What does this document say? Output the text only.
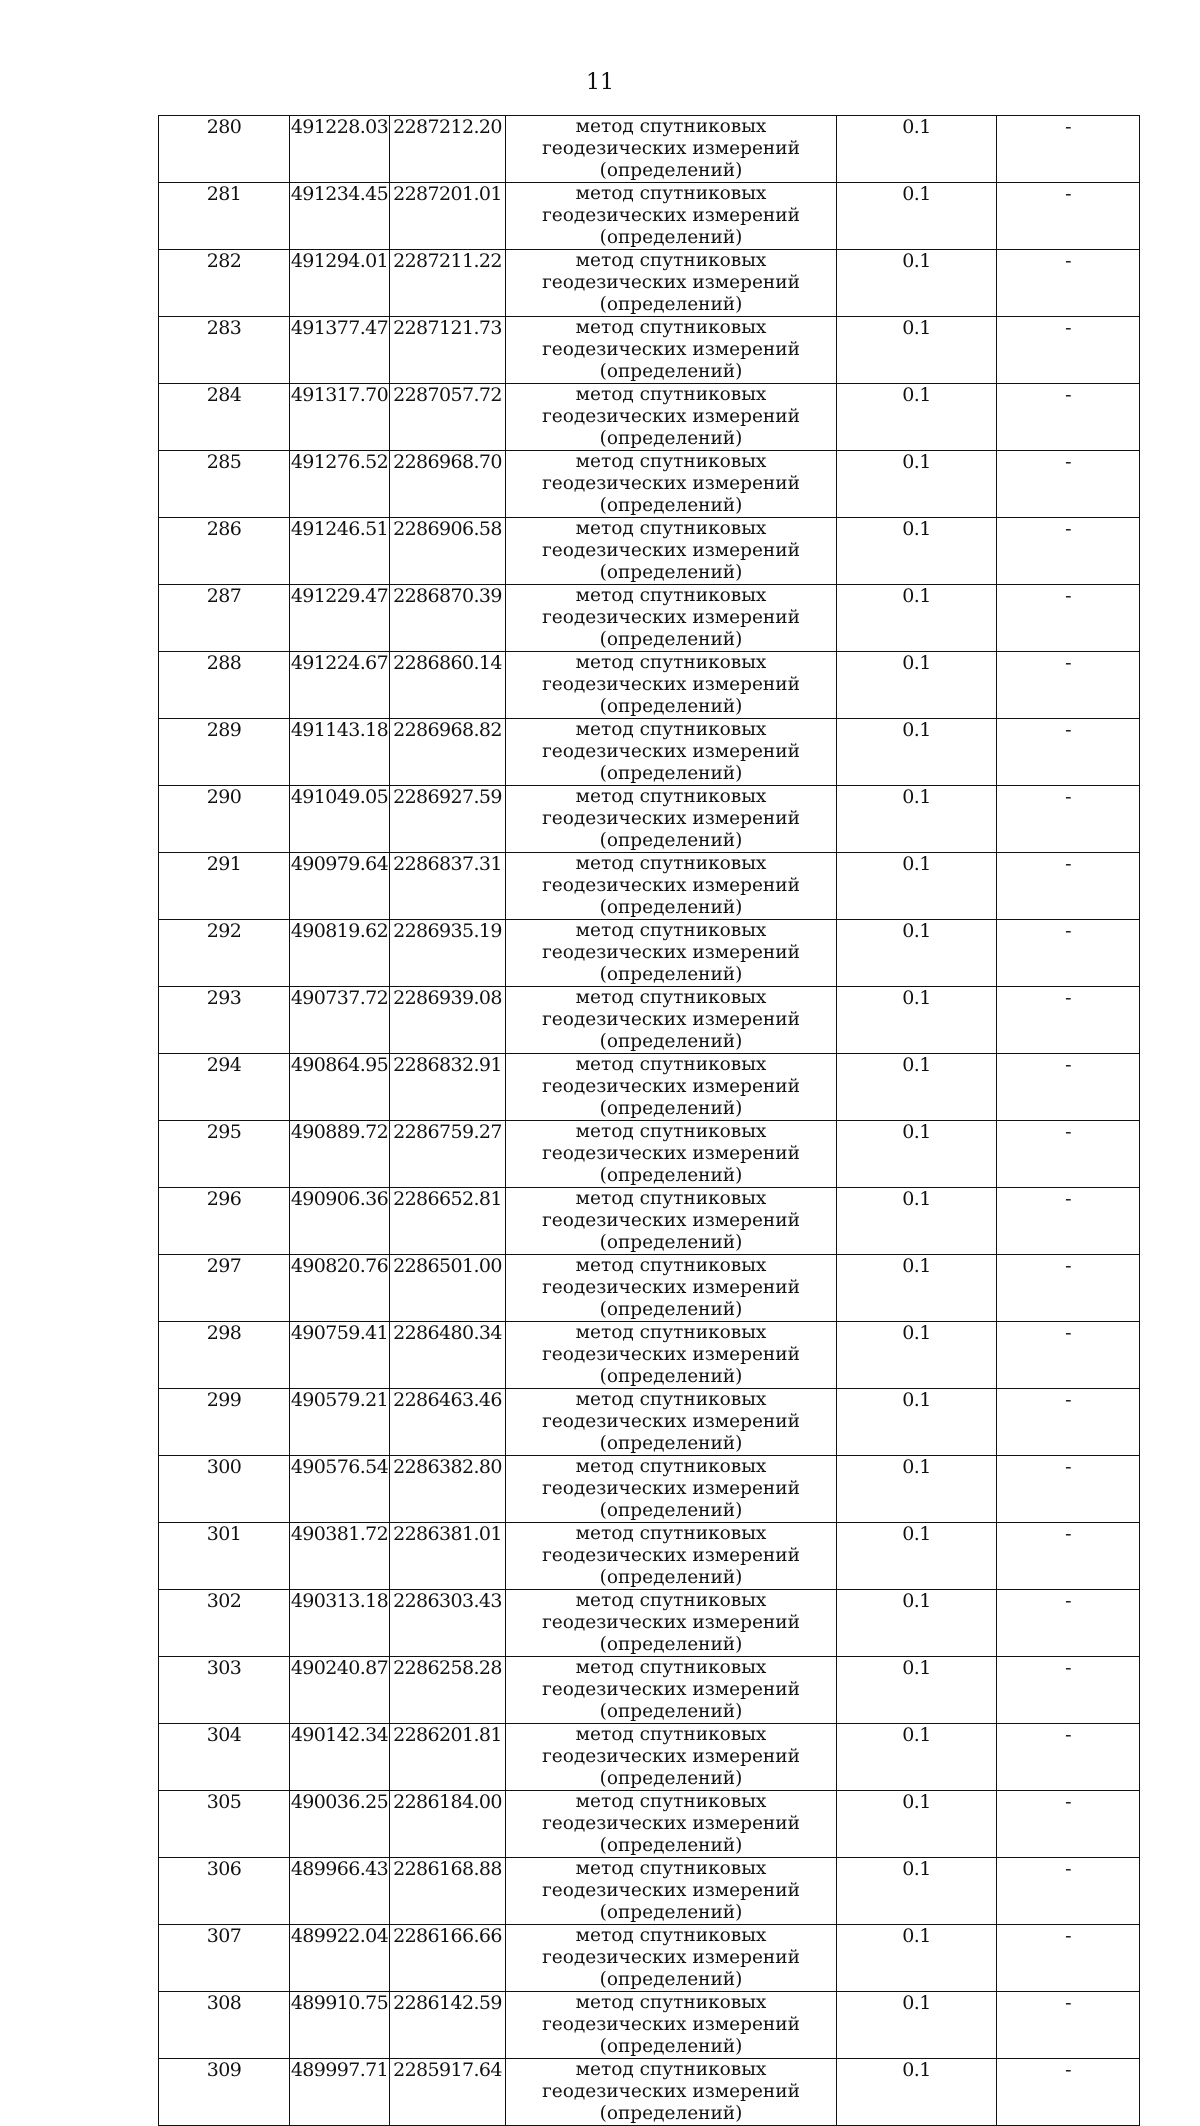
11
280	491228.03	2287212.20	метод спутниковых геодезических измерений (определений)	0.1	-
281	491234.45	2287201.01	метод спутниковых геодезических измерений (определений)	0.1	-
282	491294.01	2287211.22	метод спутниковых геодезических измерений (определений)	0.1	-
283	491377.47	2287121.73	метод спутниковых геодезических измерений (определений)	0.1	-
284	491317.70	2287057.72	метод спутниковых геодезических измерений (определений)	0.1	-
285	491276.52	2286968.70	метод спутниковых геодезических измерений (определений)	0.1	-
286	491246.51	2286906.58	метод спутниковых геодезических измерений (определений)	0.1	-
287	491229.47	2286870.39	метод спутниковых геодезических измерений (определений)	0.1	-
288	491224.67	2286860.14	метод спутниковых геодезических измерений (определений)	0.1	-
289	491143.18	2286968.82	метод спутниковых геодезических измерений (определений)	0.1	-
290	491049.05	2286927.59	метод спутниковых геодезических измерений (определений)	0.1	-
291	490979.64	2286837.31	метод спутниковых геодезических измерений (определений)	0.1	-
292	490819.62	2286935.19	метод спутниковых геодезических измерений (определений)	0.1	-
293	490737.72	2286939.08	метод спутниковых геодезических измерений (определений)	0.1	-
294	490864.95	2286832.91	метод спутниковых геодезических измерений (определений)	0.1	-
295	490889.72	2286759.27	метод спутниковых геодезических измерений (определений)	0.1	-
296	490906.36	2286652.81	метод спутниковых геодезических измерений (определений)	0.1	-
297	490820.76	2286501.00	метод спутниковых геодезических измерений (определений)	0.1	-
298	490759.41	2286480.34	метод спутниковых геодезических измерений (определений)	0.1	-
299	490579.21	2286463.46	метод спутниковых геодезических измерений (определений)	0.1	-
300	490576.54	2286382.80	метод спутниковых геодезических измерений (определений)	0.1	-
301	490381.72	2286381.01	метод спутниковых геодезических измерений (определений)	0.1	-
302	490313.18	2286303.43	метод спутниковых геодезических измерений (определений)	0.1	-
303	490240.87	2286258.28	метод спутниковых геодезических измерений (определений)	0.1	-
304	490142.34	2286201.81	метод спутниковых геодезических измерений (определений)	0.1	-
305	490036.25	2286184.00	метод спутниковых геодезических измерений (определений)	0.1	-
306	489966.43	2286168.88	метод спутниковых геодезических измерений (определений)	0.1	-
307	489922.04	2286166.66	метод спутниковых геодезических измерений (определений)	0.1	-
308	489910.75	2286142.59	метод спутниковых геодезических измерений (определений)	0.1	-
309	489997.71	2285917.64	метод спутниковых геодезических измерений (определений)	0.1	-
